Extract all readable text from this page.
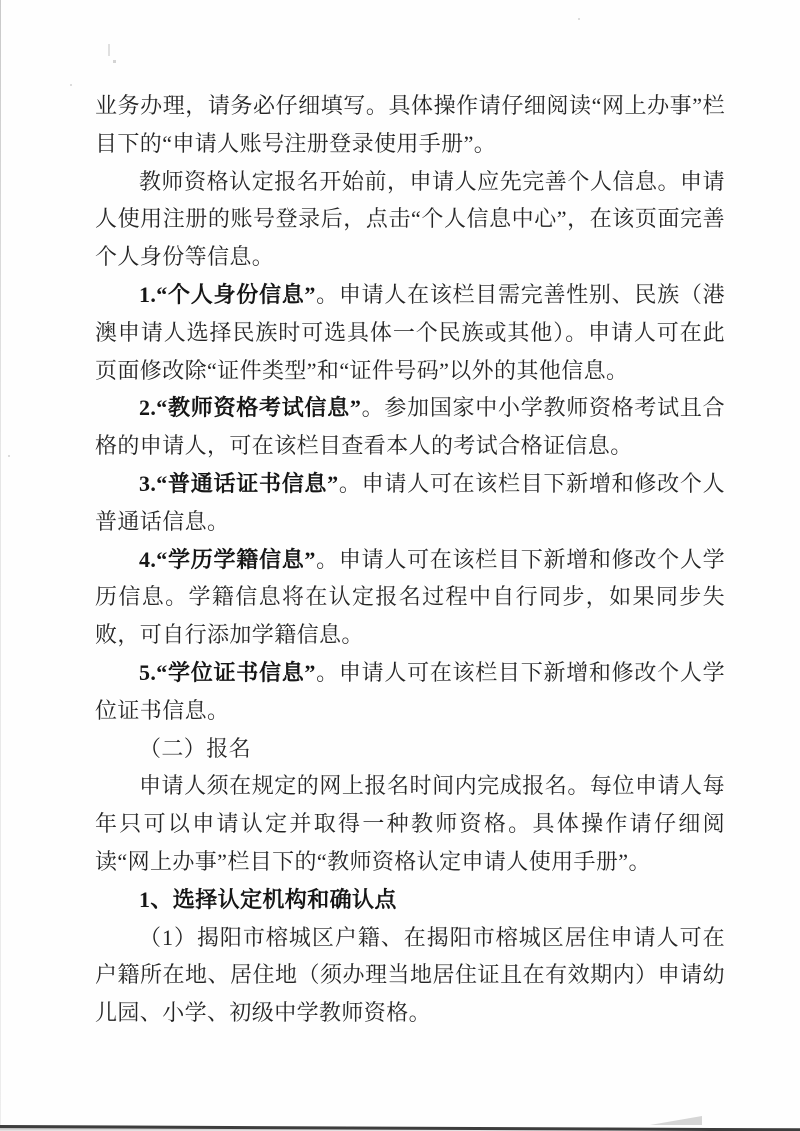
业务办理，请务必仔细填写。具体操作请仔细阅读“网上办事”栏目下的“申请人账号注册登录使用手册”。

教师资格认定报名开始前，申请人应先完善个人信息。申请人使用注册的账号登录后，点击“个人信息中心”，在该页面完善个人身份等信息。

1.“个人身份信息”。申请人在该栏目需完善性别、民族（港澳申请人选择民族时可选具体一个民族或其他）。申请人可在此页面修改除“证件类型”和“证件号码”以外的其他信息。

2.“教师资格考试信息”。参加国家中小学教师资格考试且合格的申请人，可在该栏目查看本人的考试合格证信息。

3.“普通话证书信息”。申请人可在该栏目下新增和修改个人普通话信息。

4.“学历学籍信息”。申请人可在该栏目下新增和修改个人学历信息。学籍信息将在认定报名过程中自行同步，如果同步失败，可自行添加学籍信息。

5.“学位证书信息”。申请人可在该栏目下新增和修改个人学位证书信息。

（二）报名

申请人须在规定的网上报名时间内完成报名。每位申请人每年只可以申请认定并取得一种教师资格。具体操作请仔细阅读“网上办事”栏目下的“教师资格认定申请人使用手册”。

1、选择认定机构和确认点

（1）揭阳市榕城区户籍、在揭阳市榕城区居住申请人可在户籍所在地、居住地（须办理当地居住证且在有效期内）申请幼儿园、小学、初级中学教师资格。
